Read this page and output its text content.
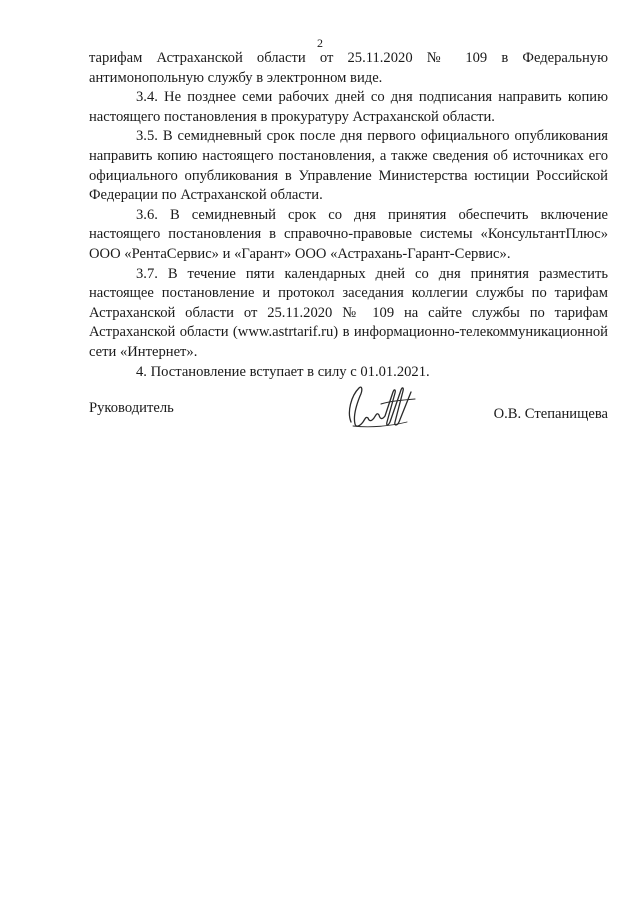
2

тарифам Астраханской области от 25.11.2020 № 109 в Федеральную антимонопольную службу в электронном виде.

3.4. Не позднее семи рабочих дней со дня подписания направить копию настоящего постановления в прокуратуру Астраханской области.

3.5. В семидневный срок после дня первого официального опубликования направить копию настоящего постановления, а также сведения об источниках его официального опубликования в Управление Министерства юстиции Российской Федерации по Астраханской области.

3.6. В семидневный срок со дня принятия обеспечить включение настоящего постановления в справочно-правовые системы «КонсультантПлюс» ООО «РентаСервис» и «Гарант» ООО «Астрахань-Гарант-Сервис».

3.7. В течение пяти календарных дней со дня принятия разместить настоящее постановление и протокол заседания коллегии службы по тарифам Астраханской области от 25.11.2020 № 109 на сайте службы по тарифам Астраханской области (www.astrtarif.ru) в информационно-телекоммуникационной сети «Интернет».

4. Постановление вступает в силу с 01.01.2021.

Руководитель	О.В. Степанищева
